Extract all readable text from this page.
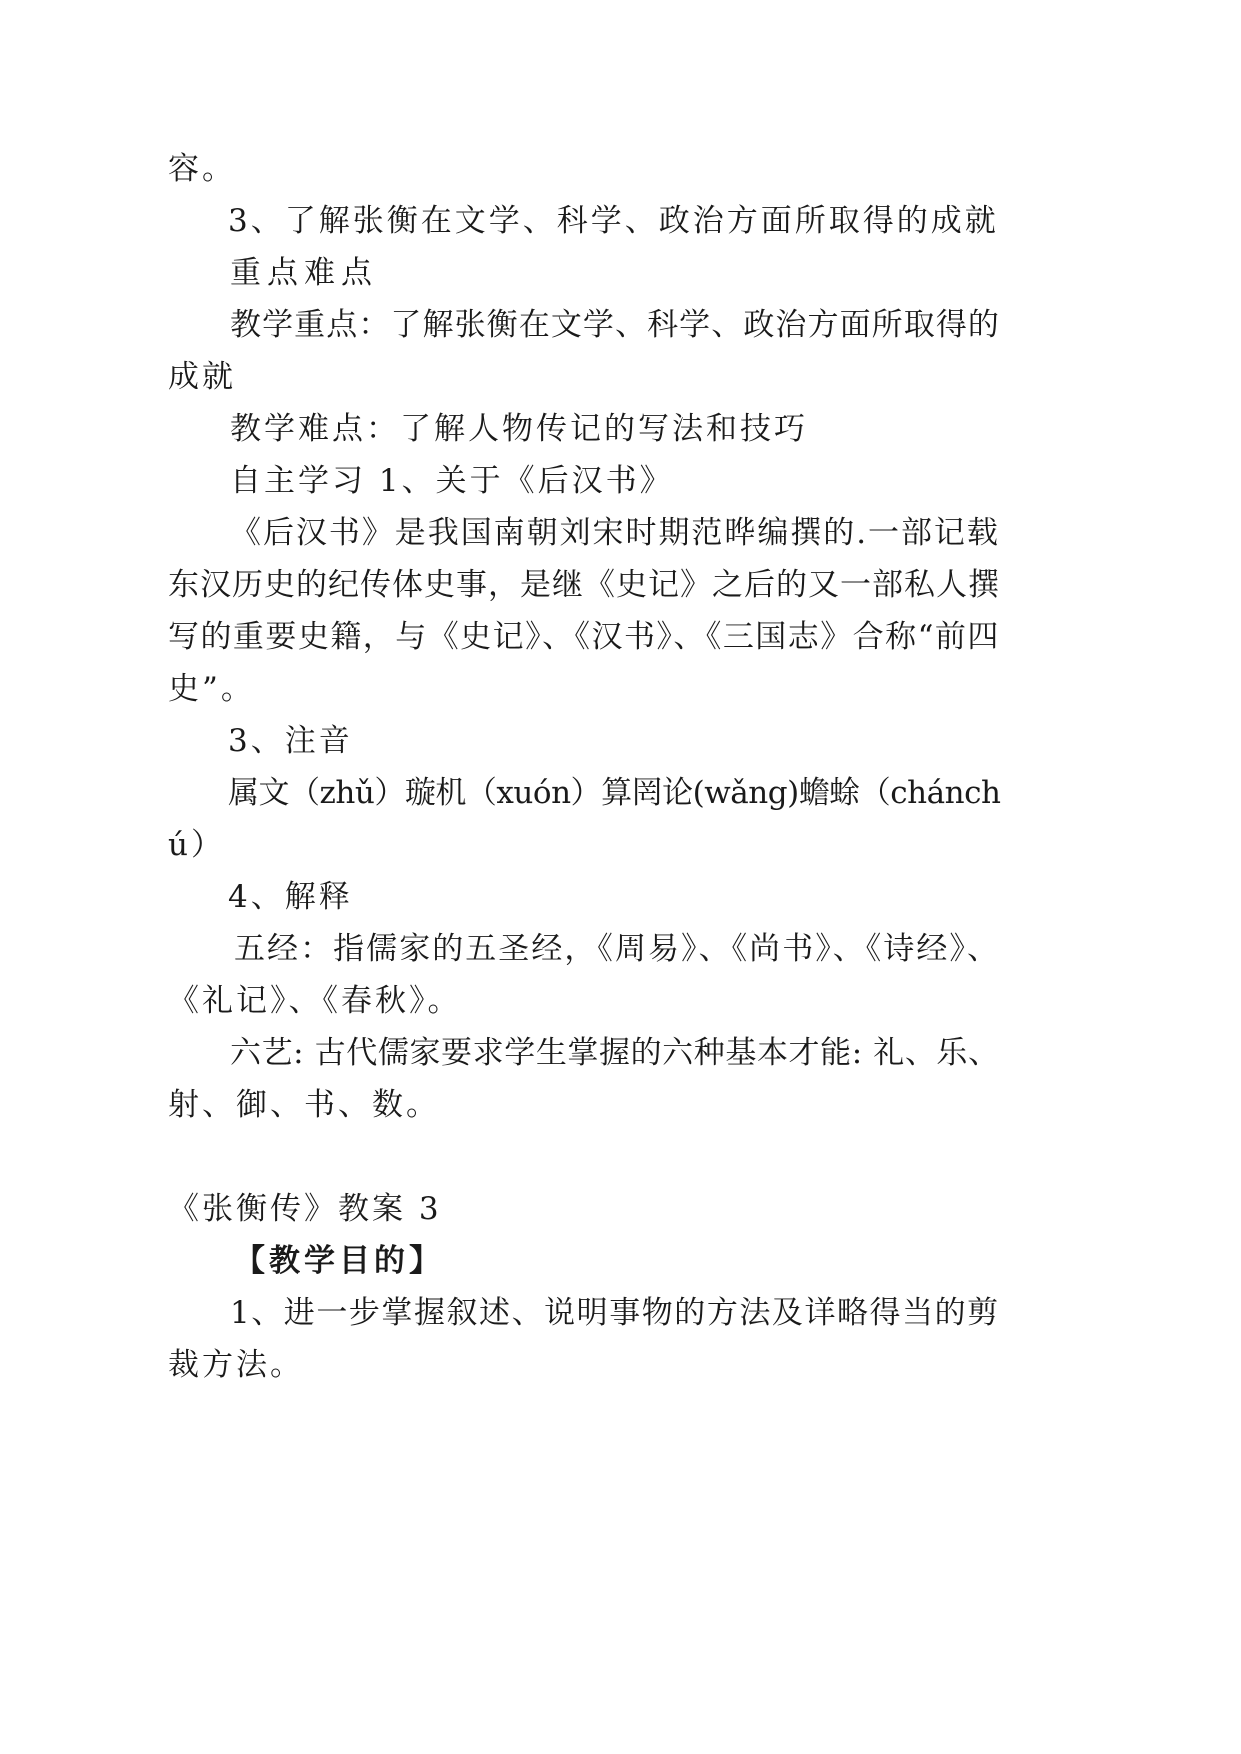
容。
3、了解张衡在文学、科学、政治方面所取得的成就
重点难点
教学重点：了解张衡在文学、科学、政治方面所取得的
成就
教学难点：了解人物传记的写法和技巧
自主学习 1、关于《后汉书》
《后汉书》是我国南朝刘宋时期范晔编撰的.一部记载
东汉历史的纪传体史事，是继《史记》之后的又一部私人撰
写的重要史籍，与《史记》、《汉书》、《三国志》合称“前四
史”。
3、注音
属文（zhǔ）璇机（xuón）算罔论(wǎng)蟾蜍（chánch
ú）
4、解释
五经：指儒家的五圣经，《周易》、《尚书》、《诗经》、
《礼记》、《春秋》。
六艺: 古代儒家要求学生掌握的六种基本才能: 礼、乐、
射、御、书、数。
《张衡传》教案 3
【教学目的】
1、进一步掌握叙述、说明事物的方法及详略得当的剪
裁方法。
